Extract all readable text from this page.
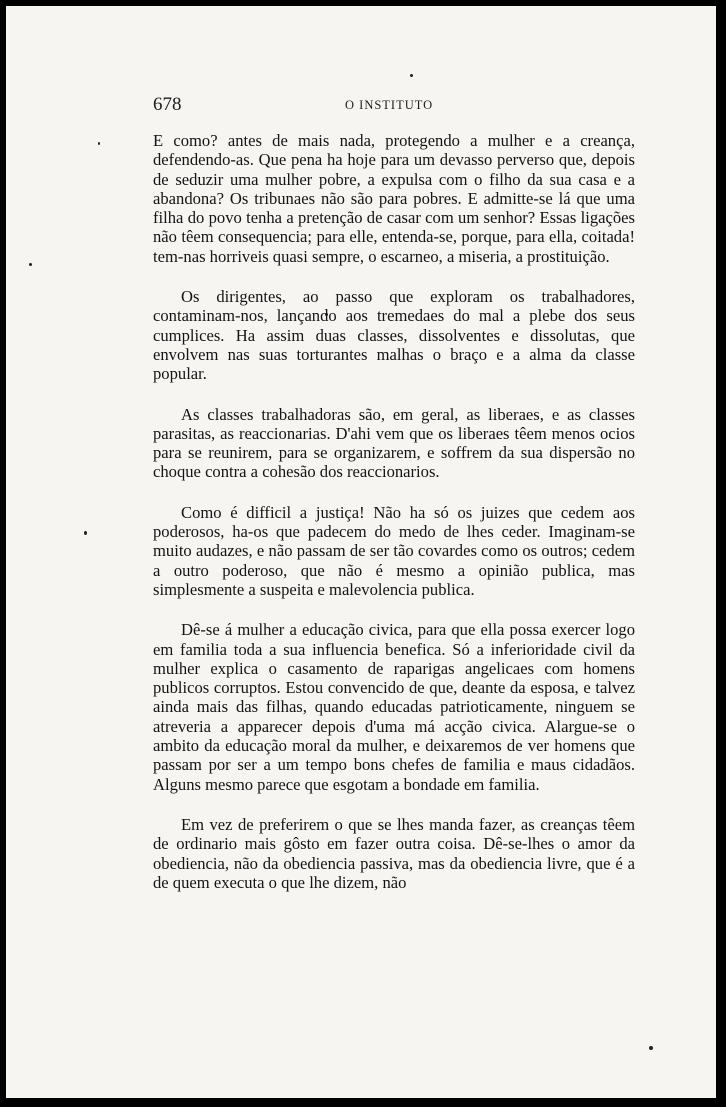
678	O INSTITUTO

E como? antes de mais nada, protegendo a mulher e a creança, defendendo-as. Que pena ha hoje para um devasso perverso que, depois de seduzir uma mulher pobre, a expulsa com o filho da sua casa e a abandona? Os tribunaes não são para pobres. E admitte-se lá que uma filha do povo tenha a pretenção de casar com um senhor? Essas ligações não têem consequencia; para elle, entenda-se, porque, para ella, coitada! tem-nas horriveis quasi sempre, o escarneo, a miseria, a prostituição.

Os dirigentes, ao passo que exploram os trabalhadores, contaminam-nos, lançando aos tremedaes do mal a plebe dos seus cumplices. Ha assim duas classes, dissolventes e dissolutas, que envolvem nas suas torturantes malhas o braço e a alma da classe popular.

As classes trabalhadoras são, em geral, as liberaes, e as classes parasitas, as reaccionarias. D'ahi vem que os liberaes têem menos ocios para se reunirem, para se organizarem, e soffrem da sua dispersão no choque contra a cohesão dos reaccionarios.

Como é difficil a justiça! Não ha só os juizes que cedem aos poderosos, ha-os que padecem do medo de lhes ceder. Imaginam-se muito audazes, e não passam de ser tão covardes como os outros; cedem a outro poderoso, que não é mesmo a opinião publica, mas simplesmente a suspeita e malevolencia publica.

Dê-se á mulher a educação civica, para que ella possa exercer logo em familia toda a sua influencia benefica. Só a inferioridade civil da mulher explica o casamento de raparigas angelicaes com homens publicos corruptos. Estou convencido de que, deante da esposa, e talvez ainda mais das filhas, quando educadas patrioticamente, ninguem se atreveria a apparecer depois d'uma má acção civica. Alargue-se o ambito da educação moral da mulher, e deixaremos de ver homens que passam por ser a um tempo bons chefes de familia e maus cidadãos. Alguns mesmo parece que esgotam a bondade em familia.

Em vez de preferirem o que se lhes manda fazer, as creanças têem de ordinario mais gôsto em fazer outra coisa. Dê-se-lhes o amor da obediencia, não da obediencia passiva, mas da obediencia livre, que é a de quem executa o que lhe dizem, não
